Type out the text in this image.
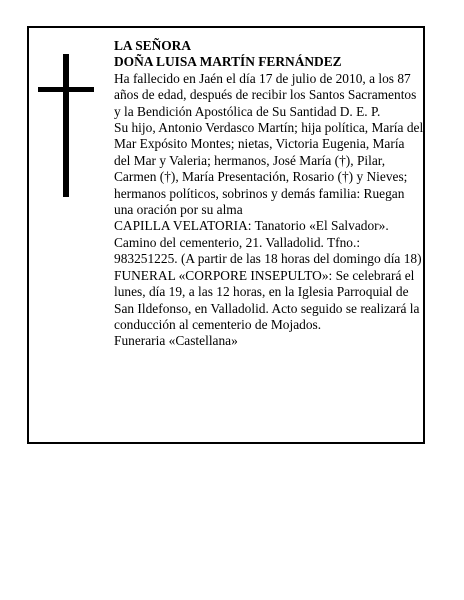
LA SEÑORA

DOÑA LUISA MARTÍN FERNÁNDEZ

Ha fallecido en Jaén el día 17 de julio de 2010, a los 87 años de edad, después de recibir los Santos Sacramentos y la Bendición Apostólica de Su Santidad D. E. P.

Su hijo, Antonio Verdasco Martín; hija política, María del Mar Expósito Montes; nietas, Victoria Eugenia, María del Mar y Valeria; hermanos, José María (†), Pilar, Carmen (†), María Presentación, Rosario (†) y Nieves; hermanos políticos, sobrinos y demás familia: Ruegan una oración por su alma

CAPILLA VELATORIA: Tanatorio «El Salvador». Camino del cementerio, 21. Valladolid. Tfno.: 983251225. (A partir de las 18 horas del domingo día 18)

FUNERAL «CORPORE INSEPULTO»: Se celebrará el lunes, día 19, a las 12 horas, en la Iglesia Parroquial de San Ildefonso, en Valladolid. Acto seguido se realizará la conducción al cementerio de Mojados.

Funeraria «Castellana»
